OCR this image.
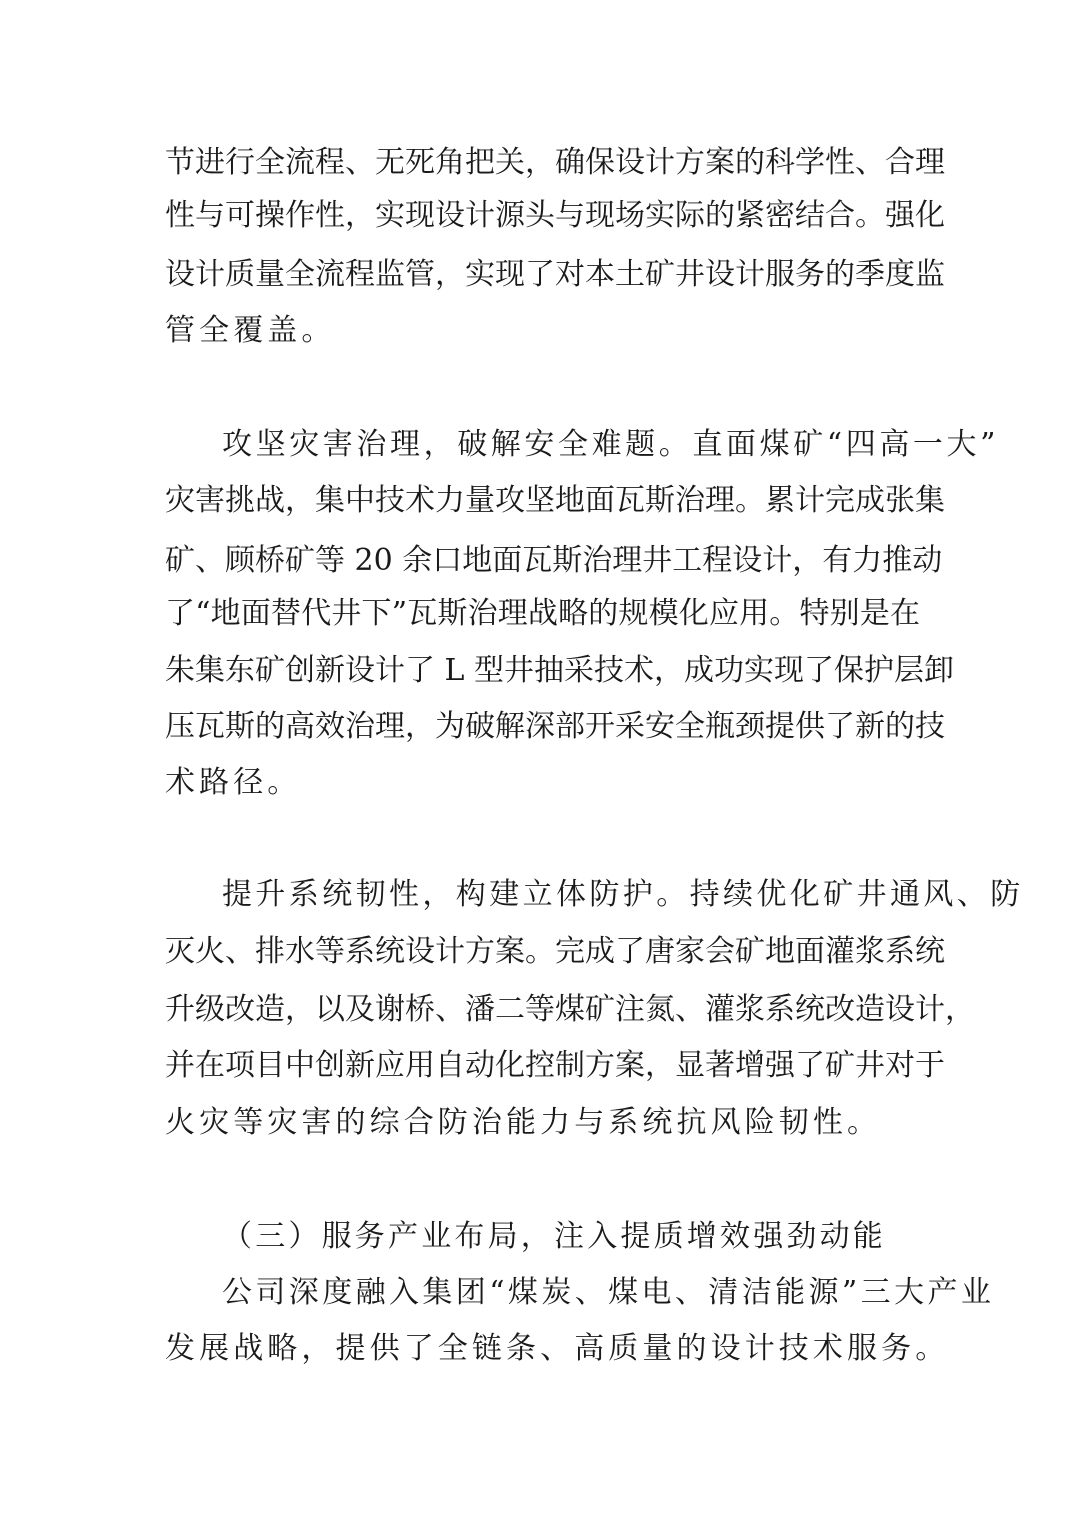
节进行全流程、无死角把关，确保设计方案的科学性、合理
性与可操作性，实现设计源头与现场实际的紧密结合。强化
设计质量全流程监管，实现了对本土矿井设计服务的季度监
管全覆盖。
攻坚灾害治理，破解安全难题。直面煤矿“四高一大”
灾害挑战，集中技术力量攻坚地面瓦斯治理。累计完成张集
矿、顾桥矿等 20 余口地面瓦斯治理井工程设计，有力推动
了“地面替代井下”瓦斯治理战略的规模化应用。特别是在
朱集东矿创新设计了 L 型井抽采技术，成功实现了保护层卸
压瓦斯的高效治理，为破解深部开采安全瓶颈提供了新的技
术路径。
提升系统韧性，构建立体防护。持续优化矿井通风、防
灭火、排水等系统设计方案。完成了唐家会矿地面灌浆系统
升级改造，以及谢桥、潘二等煤矿注氮、灌浆系统改造设计，
并在项目中创新应用自动化控制方案，显著增强了矿井对于
火灾等灾害的综合防治能力与系统抗风险韧性。
（三）服务产业布局，注入提质增效强劲动能
公司深度融入集团“煤炭、煤电、清洁能源”三大产业
发展战略，提供了全链条、高质量的设计技术服务。
